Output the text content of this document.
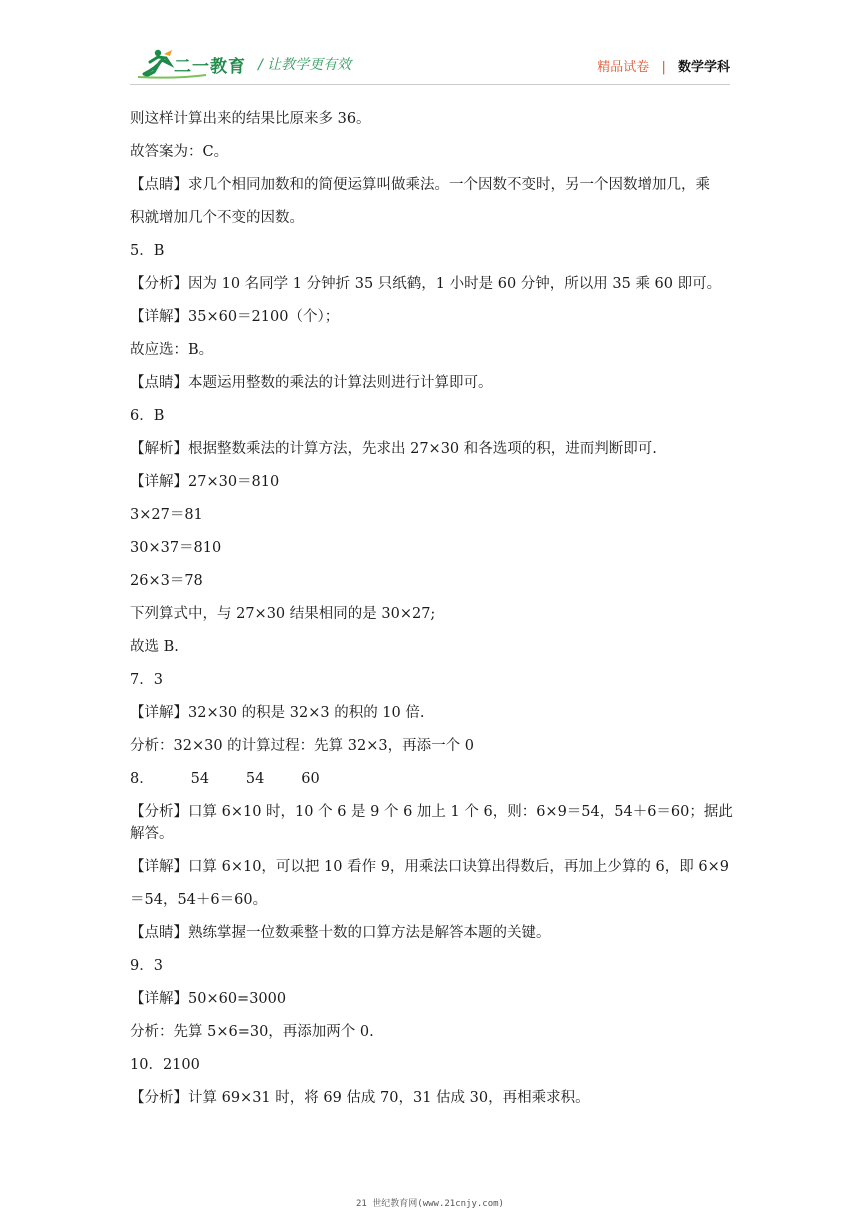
二一教育 / 让教学更有效	精品试卷 | 数学学科

则这样计算出来的结果比原来多 36。

故答案为：C。

【点睛】求几个相同加数和的简便运算叫做乘法。一个因数不变时，另一个因数增加几，乘

积就增加几个不变的因数。

5．B

【分析】因为 10 名同学 1 分钟折 35 只纸鹤，1 小时是 60 分钟，所以用 35 乘 60 即可。

【详解】35×60＝2100（个）；

故应选：B。

【点睛】本题运用整数的乘法的计算法则进行计算即可。

6．B

【解析】根据整数乘法的计算方法，先求出 27×30 和各选项的积，进而判断即可.

【详解】27×30＝810

3×27＝81

30×37＝810

26×3＝78

下列算式中，与 27×30 结果相同的是 30×27;

故选 B.

7．3

【详解】32×30 的积是 32×3 的积的 10 倍.

分析：32×30 的计算过程：先算 32×3，再添一个 0

8．        54        54        60

【分析】口算 6×10 时，10 个 6 是 9 个 6 加上 1 个 6，则：6×9＝54，54＋6＝60；据此解答。

【详解】口算 6×10，可以把 10 看作 9，用乘法口诀算出得数后，再加上少算的 6，即 6×9

＝54，54＋6＝60。

【点睛】熟练掌握一位数乘整十数的口算方法是解答本题的关键。

9．3

【详解】50×60=3000

分析：先算 5×6=30，再添加两个 0.

10．2100

【分析】计算 69×31 时，将 69 估成 70，31 估成 30，再相乘求积。

21 世纪教育网(www.21cnjy.com)
